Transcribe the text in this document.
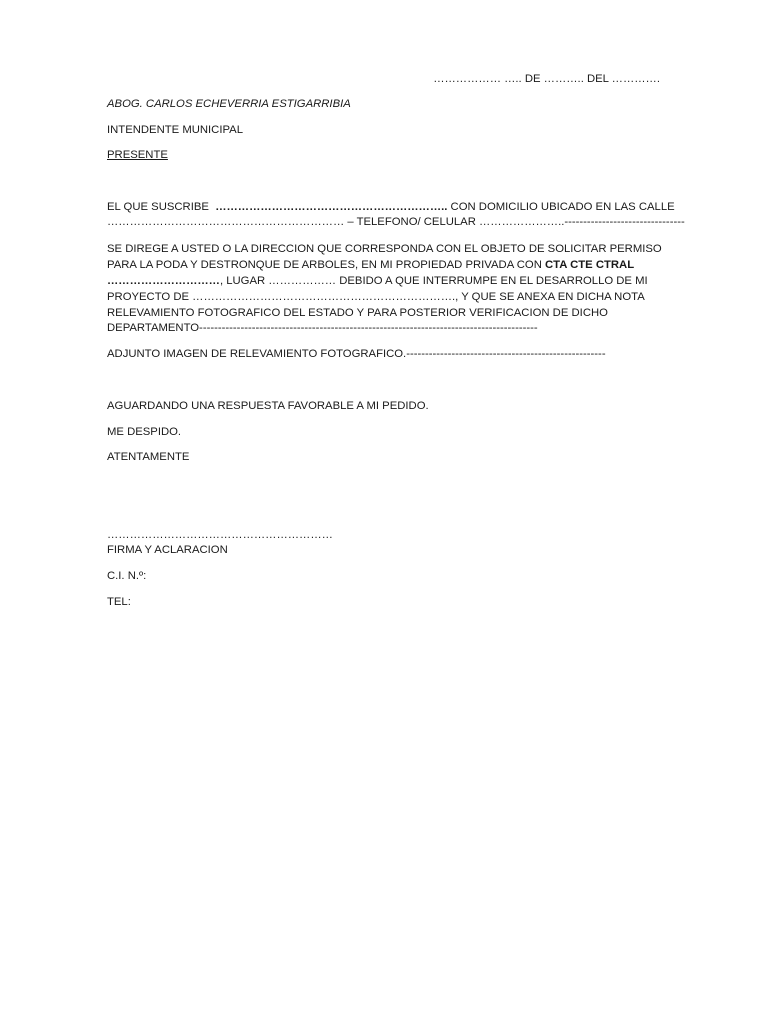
……………… ….. DE ……….. DEL ………….

ABOG. CARLOS ECHEVERRIA ESTIGARRIBIA

INTENDENTE MUNICIPAL

PRESENTE

EL QUE SUSCRIBE  …………………………………………………….. CON DOMICILIO UBICADO EN LAS CALLE

……………………………………………………… – TELEFONO/ CELULAR …………………..--------------------------------

SE DIREGE A USTED O LA DIRECCION QUE CORRESPONDA CON EL OBJETO DE SOLICITAR PERMISO

PARA LA PODA Y DESTRONQUE DE ARBOLES, EN MI PROPIEDAD PRIVADA CON CTA CTE CTRAL

…………………………, LUGAR ……………… DEBIDO A QUE INTERRUMPE EN EL DESARROLLO DE MI

PROYECTO DE ……………………………………………………………., Y QUE SE ANEXA EN DICHA NOTA

RELEVAMIENTO FOTOGRAFICO DEL ESTADO Y PARA POSTERIOR VERIFICACION DE DICHO

DEPARTAMENTO------------------------------------------------------------------------------------------

ADJUNTO IMAGEN DE RELEVAMIENTO FOTOGRAFICO.-----------------------------------------------------

AGUARDANDO UNA RESPUESTA FAVORABLE A MI PEDIDO.

ME DESPIDO.

ATENTAMENTE

……………………………………………………

FIRMA Y ACLARACION

C.I. N.º:

TEL:
